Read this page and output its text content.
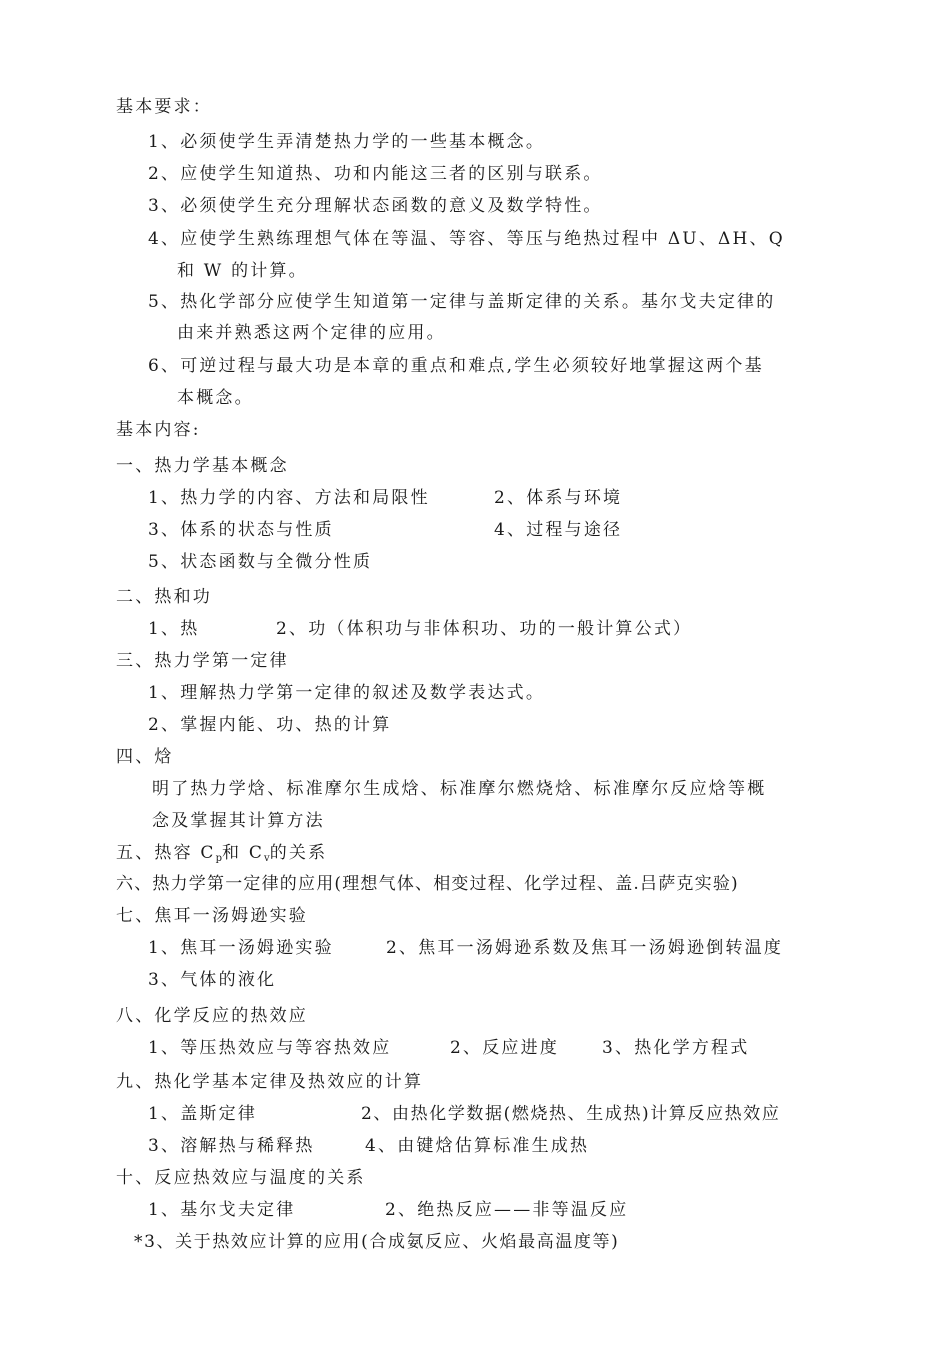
基本要求：
1、必须使学生弄清楚热力学的一些基本概念。
2、应使学生知道热、功和内能这三者的区别与联系。
3、必须使学生充分理解状态函数的意义及数学特性。
4、应使学生熟练理想气体在等温、等容、等压与绝热过程中 ΔU、ΔH、Q
和 W 的计算。
5、热化学部分应使学生知道第一定律与盖斯定律的关系。基尔戈夫定律的
由来并熟悉这两个定律的应用。
6、可逆过程与最大功是本章的重点和难点,学生必须较好地掌握这两个基
本概念。
基本内容:
一、热力学基本概念
1、热力学的内容、方法和局限性	2、体系与环境
3、体系的状态与性质	4、过程与途径
5、状态函数与全微分性质
二、热和功
1、热	2、功（体积功与非体积功、功的一般计算公式）
三、热力学第一定律
1、理解热力学第一定律的叙述及数学表达式。
2、掌握内能、功、热的计算
四、焓
明了热力学焓、标准摩尔生成焓、标准摩尔燃烧焓、标准摩尔反应焓等概
念及掌握其计算方法
五、热容 $C_p$和 $C_v$的关系
六、热力学第一定律的应用(理想气体、相变过程、化学过程、盖.吕萨克实验)
七、焦耳一汤姆逊实验
1、焦耳一汤姆逊实验	2、焦耳一汤姆逊系数及焦耳一汤姆逊倒转温度
3、气体的液化
八、化学反应的热效应
1、等压热效应与等容热效应	2、反应进度	3、热化学方程式
九、热化学基本定律及热效应的计算
1、盖斯定律	2、由热化学数据(燃烧热、生成热)计算反应热效应
3、溶解热与稀释热	4、由键焓估算标准生成热
十、反应热效应与温度的关系
1、基尔戈夫定律	2、绝热反应——非等温反应
*3、关于热效应计算的应用(合成氨反应、火焰最高温度等)
